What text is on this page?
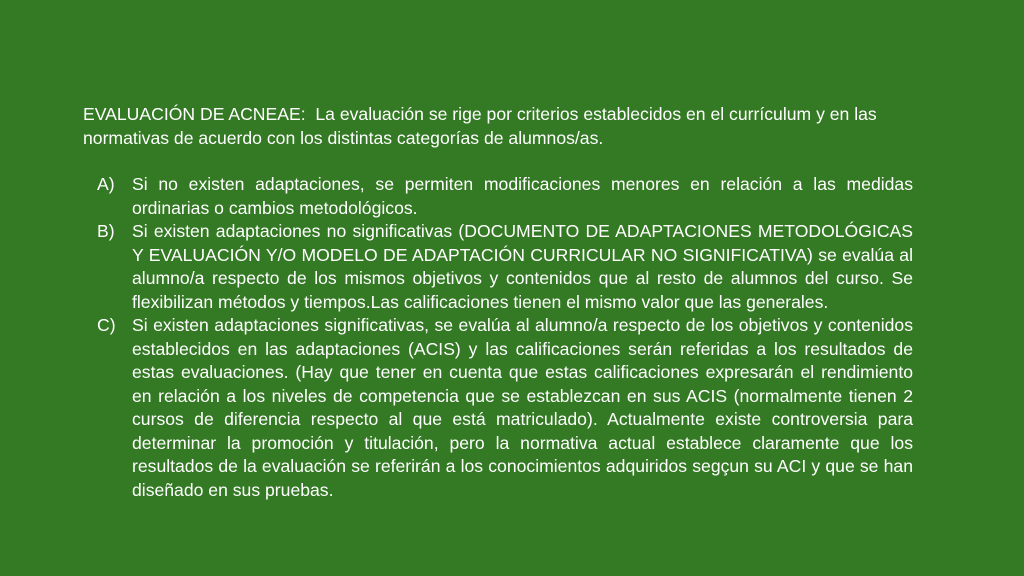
EVALUACIÓN DE ACNEAE: La evaluación se rige por criterios establecidos en el currículum y en las normativas de acuerdo con los distintas categorías de alumnos/as.

A) Si no existen adaptaciones, se permiten modificaciones menores en relación a las medidas ordinarias o cambios metodológicos.

B) Si existen adaptaciones no significativas (DOCUMENTO DE ADAPTACIONES METODOLÓGICAS Y EVALUACIÓN Y/O MODELO DE ADAPTACIÓN CURRICULAR NO SIGNIFICATIVA) se evalúa al alumno/a respecto de los mismos objetivos y contenidos que al resto de alumnos del curso. Se flexibilizan métodos y tiempos.Las calificaciones tienen el mismo valor que las generales.

C) Si existen adaptaciones significativas, se evalúa al alumno/a respecto de los objetivos y contenidos establecidos en las adaptaciones (ACIS) y las calificaciones serán referidas a los resultados de estas evaluaciones. (Hay que tener en cuenta que estas calificaciones expresarán el rendimiento en relación a los niveles de competencia que se establezcan en sus ACIS (normalmente tienen 2 cursos de diferencia respecto al que está matriculado). Actualmente existe controversia para determinar la promoción y titulación, pero la normativa actual establece claramente que los resultados de la evaluación se referirán a los conocimientos adquiridos segçun su ACI y que se han diseñado en sus pruebas.
